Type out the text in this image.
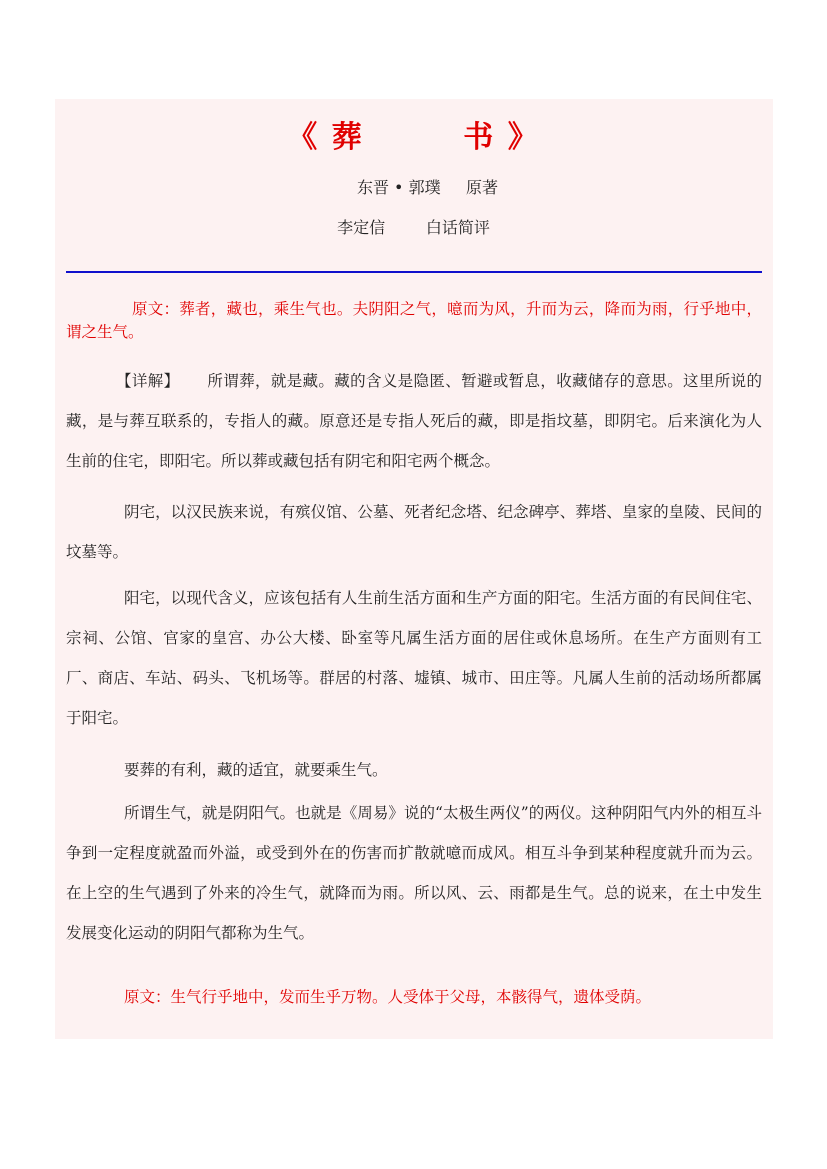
《 葬        书 》
东晋 • 郭璞     原著
李定信        白话简评
原文：葬者，藏也，乘生气也。夫阴阳之气，噫而为风，升而为云，降而为雨，行乎地中，谓之生气。
【详解】 所谓葬，就是藏。藏的含义是隐匿、暂避或暂息，收藏储存的意思。这里所说的藏，是与葬互联系的，专指人的藏。原意还是专指人死后的藏，即是指坟墓，即阴宅。后来演化为人生前的住宅，即阳宅。所以葬或藏包括有阴宅和阳宅两个概念。
阴宅，以汉民族来说，有殡仪馆、公墓、死者纪念塔、纪念碑亭、葬塔、皇家的皇陵、民间的坟墓等。
阳宅，以现代含义，应该包括有人生前生活方面和生产方面的阳宅。生活方面的有民间住宅、宗祠、公馆、官家的皇宫、办公大楼、卧室等凡属生活方面的居住或休息场所。在生产方面则有工厂、商店、车站、码头、飞机场等。群居的村落、墟镇、城市、田庄等。凡属人生前的活动场所都属于阳宅。
要葬的有利，藏的适宜，就要乘生气。
所谓生气，就是阴阳气。也就是《周易》说的“太极生两仪”的两仪。这种阴阳气内外的相互斗争到一定程度就盈而外溢，或受到外在的伤害而扩散就噫而成风。相互斗争到某种程度就升而为云。在上空的生气遇到了外来的冷生气，就降而为雨。所以风、云、雨都是生气。总的说来，在土中发生发展变化运动的阴阳气都称为生气。
原文：生气行乎地中，发而生乎万物。人受体于父母，本骸得气，遗体受荫。
